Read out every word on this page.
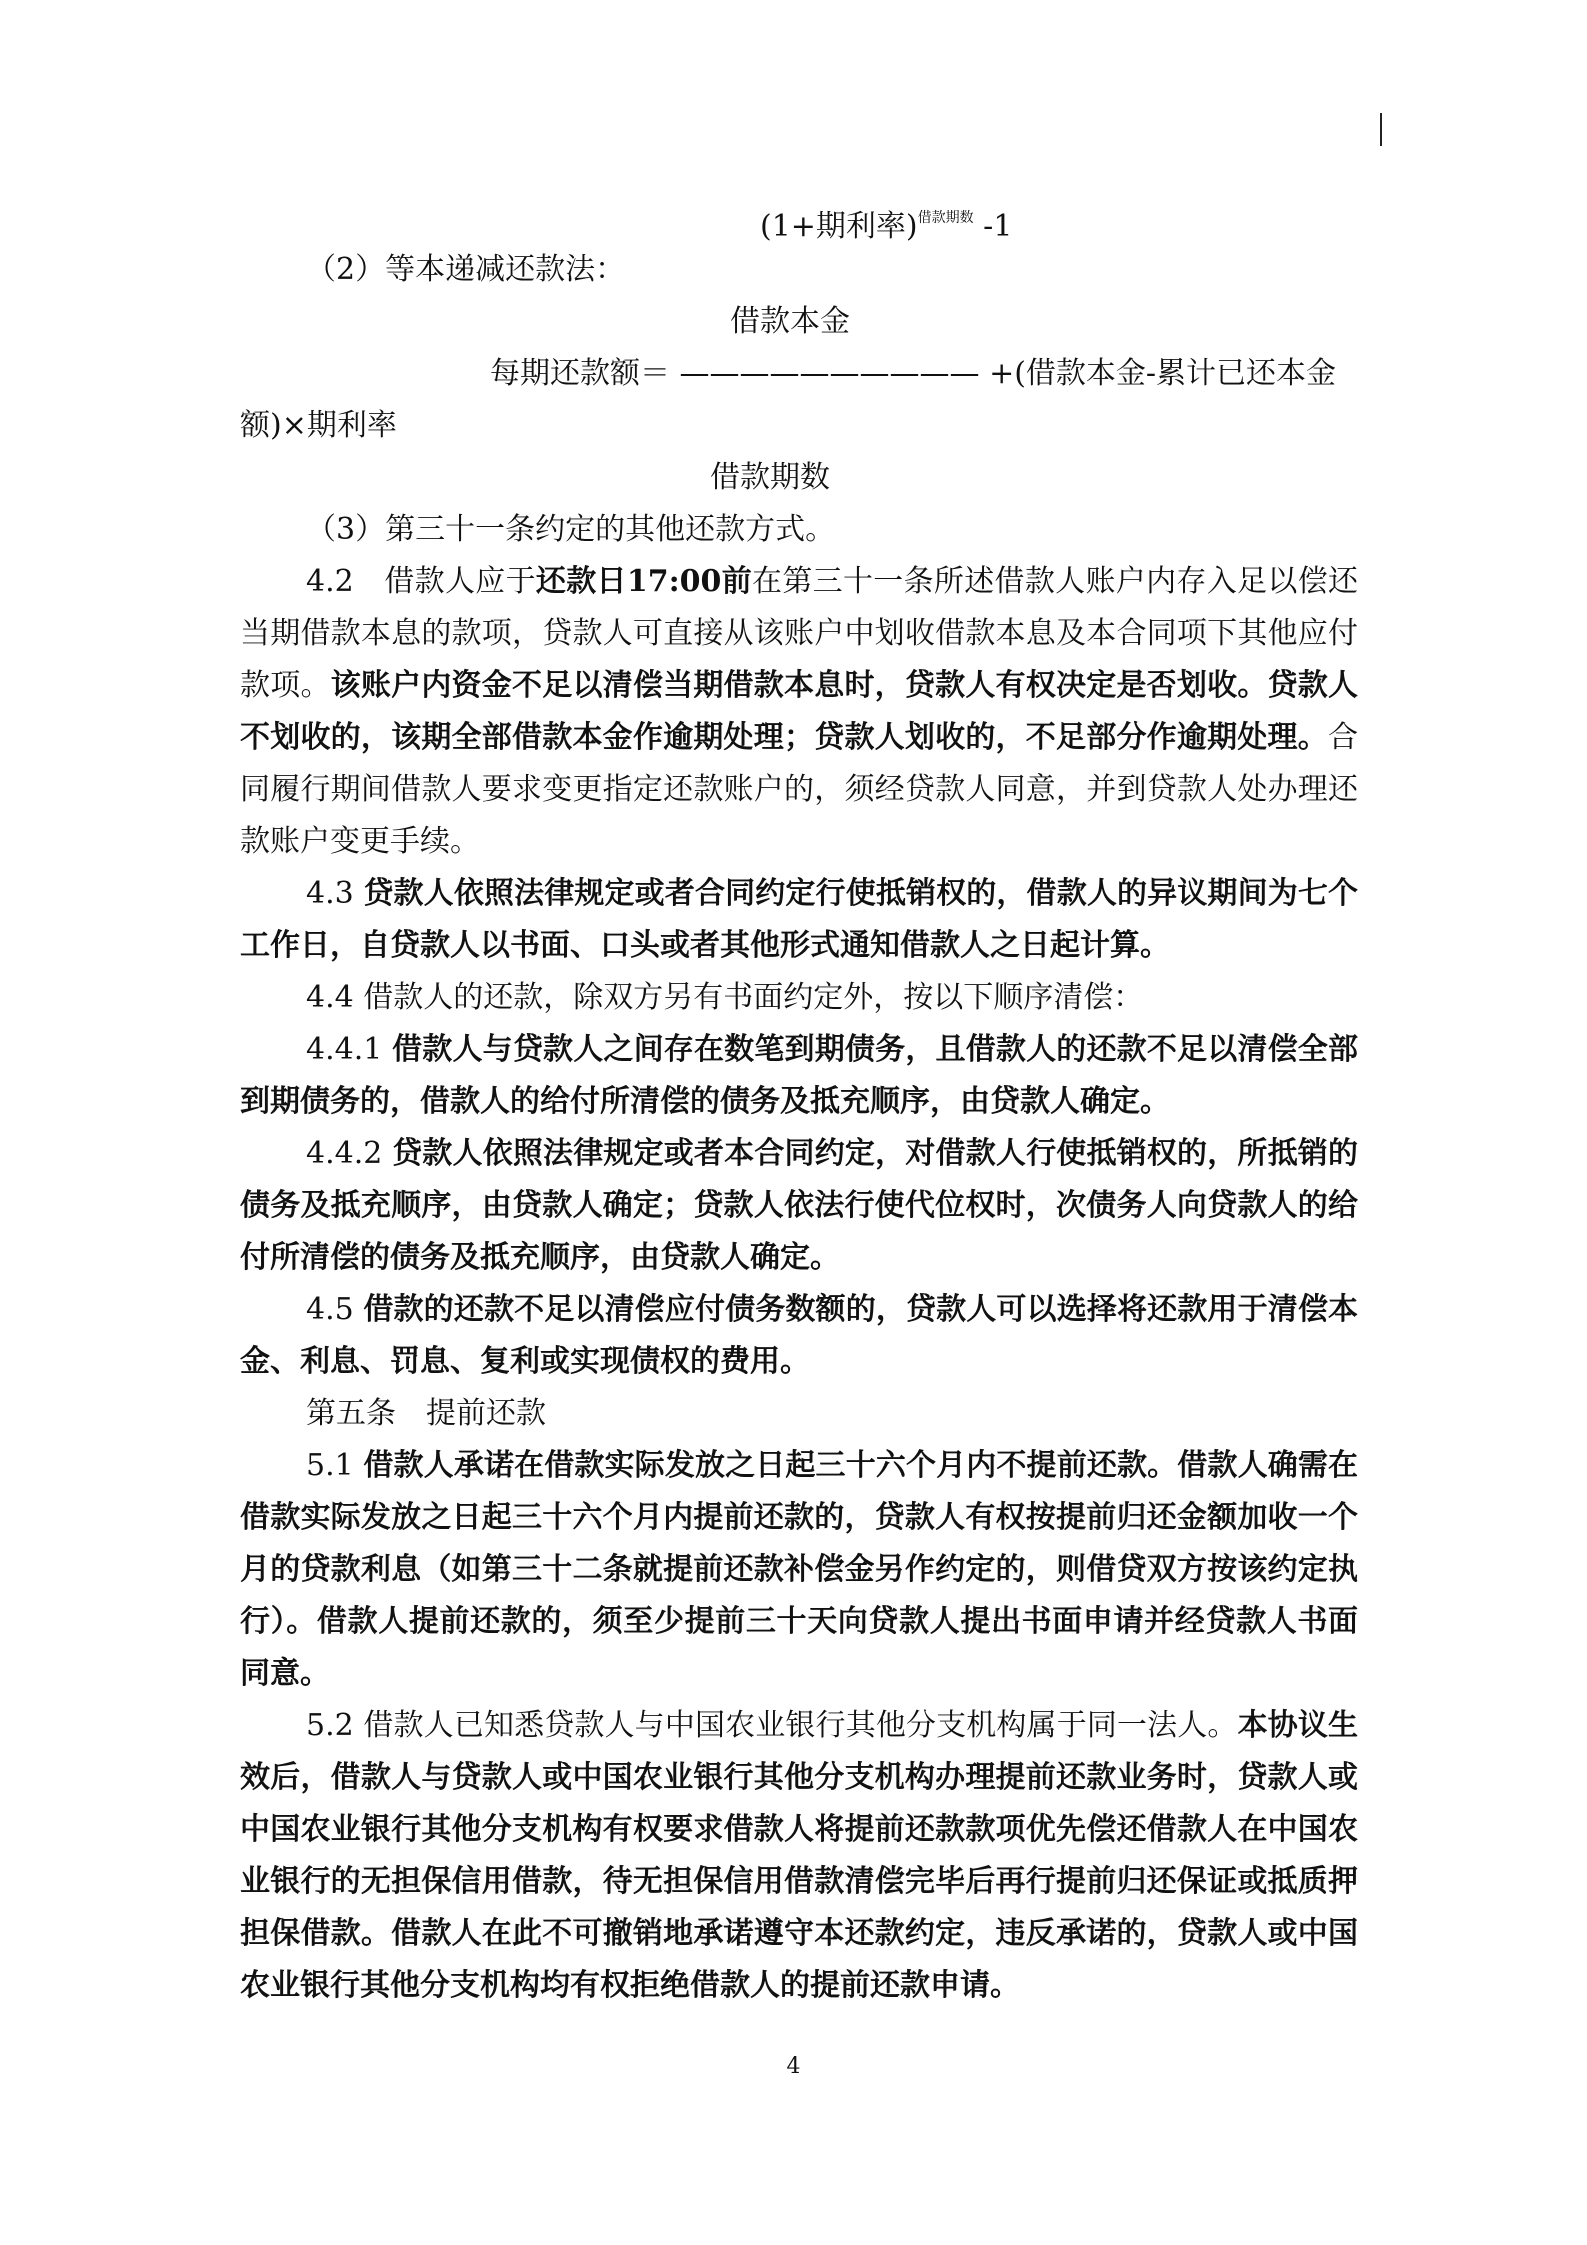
(1+期利率)$^{借款期数}$ -1
（2）等本递减还款法：
借款本金
每期还款额＝ —————————— +(借款本金-累计已还本金
额)×期利率
借款期数
（3）第三十一条约定的其他还款方式。

4.2　借款人应于还款日17:00前在第三十一条所述借款人账户内存入足以偿还当期借款本息的款项，贷款人可直接从该账户中划收借款本息及本合同项下其他应付款项。该账户内资金不足以清偿当期借款本息时，贷款人有权决定是否划收。贷款人不划收的，该期全部借款本金作逾期处理；贷款人划收的，不足部分作逾期处理。合同履行期间借款人要求变更指定还款账户的，须经贷款人同意，并到贷款人处办理还款账户变更手续。

4.3 贷款人依照法律规定或者合同约定行使抵销权的，借款人的异议期间为七个工作日，自贷款人以书面、口头或者其他形式通知借款人之日起计算。

4.4 借款人的还款，除双方另有书面约定外，按以下顺序清偿：

4.4.1 借款人与贷款人之间存在数笔到期债务，且借款人的还款不足以清偿全部到期债务的，借款人的给付所清偿的债务及抵充顺序，由贷款人确定。

4.4.2 贷款人依照法律规定或者本合同约定，对借款人行使抵销权的，所抵销的债务及抵充顺序，由贷款人确定；贷款人依法行使代位权时，次债务人向贷款人的给付所清偿的债务及抵充顺序，由贷款人确定。

4.5 借款的还款不足以清偿应付债务数额的，贷款人可以选择将还款用于清偿本金、利息、罚息、复利或实现债权的费用。

第五条　提前还款

5.1 借款人承诺在借款实际发放之日起三十六个月内不提前还款。借款人确需在借款实际发放之日起三十六个月内提前还款的，贷款人有权按提前归还金额加收一个月的贷款利息（如第三十二条就提前还款补偿金另作约定的，则借贷双方按该约定执行）。借款人提前还款的，须至少提前三十天向贷款人提出书面申请并经贷款人书面同意。

5.2 借款人已知悉贷款人与中国农业银行其他分支机构属于同一法人。本协议生效后，借款人与贷款人或中国农业银行其他分支机构办理提前还款业务时，贷款人或中国农业银行其他分支机构有权要求借款人将提前还款款项优先偿还借款人在中国农业银行的无担保信用借款，待无担保信用借款清偿完毕后再行提前归还保证或抵质押担保借款。借款人在此不可撤销地承诺遵守本还款约定，违反承诺的，贷款人或中国农业银行其他分支机构均有权拒绝借款人的提前还款申请。

4
